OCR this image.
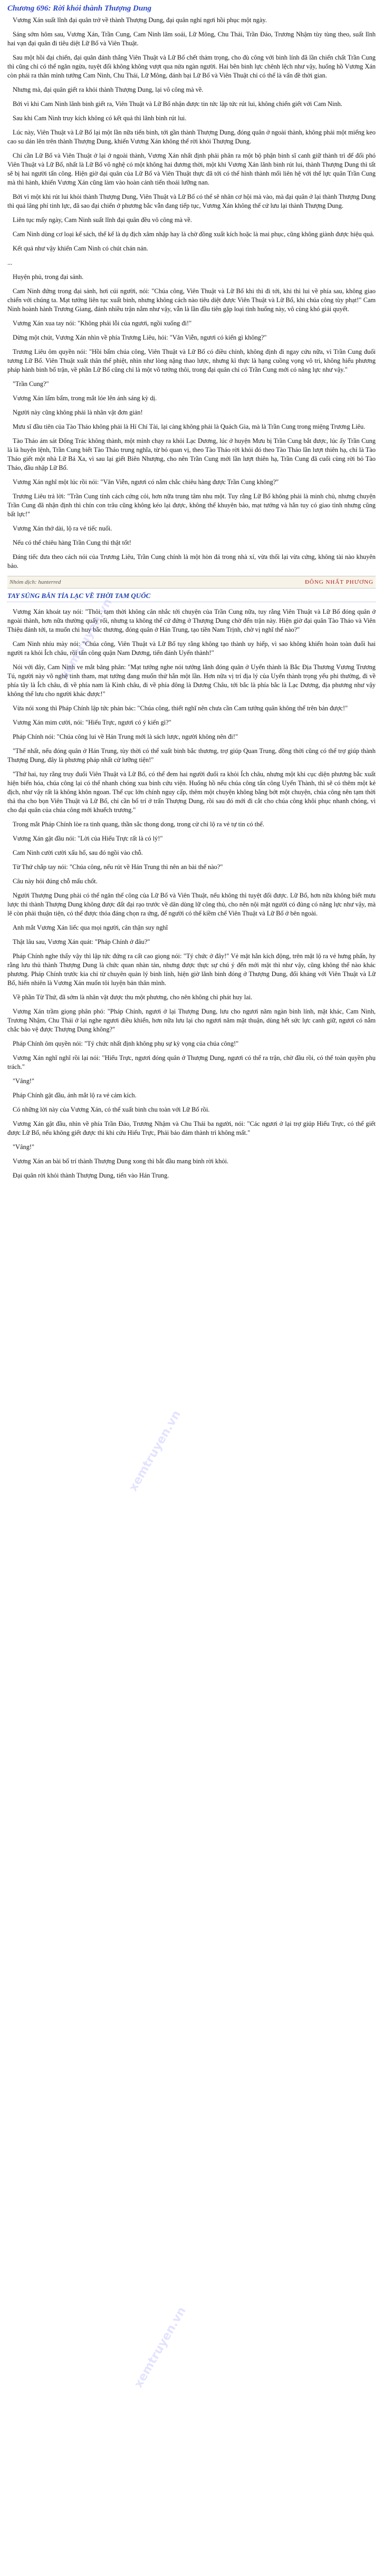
xemtruyen.vn
xemtruyen.vn
xemtruyen.vn
Chương 696: Rời khỏi thành Thượng Dung

Vương Xán suất lĩnh đại quân trở về thành Thượng Dung, đại quân nghỉ ngơi hồi phục một ngày.

Sáng sớm hôm sau, Vương Xán, Trần Cung, Cam Ninh lãm soái, Lữ Mông, Chu Thái, Trần Đáo, Trương Nhậm tùy tùng theo, suất lĩnh hai vạn đại quân đi tiêu diệt Lữ Bố và Viên Thuật.

Sau một hồi đại chiến, đại quân đánh thắng Viên Thuật và Lữ Bố chết thảm trọng, cho đù công với binh lính đã lần chiến chất Trần Cung thì cũng chỉ có thể ngăn ngừa, tuyệt đối không không vượt qua nửa ngàn người. Hai bên binh lực chênh lệch như vậy, huống hồ Vương Xán còn phái ra thân mình tướng Cam Ninh, Chu Thái, Lữ Mông, đánh bại Lữ Bố và Viên Thuật chỉ có thể là vấn đề thời gian.

Nhưng mà, đại quân giết ra khỏi thành Thượng Dung, lại vô công mà về.

Bởi vì khi Cam Ninh lãnh binh giết ra, Viên Thuật và Lữ Bố nhận được tin tức lập tức rút lui, không chiến giết với Cam Ninh.

Sau khi Cam Ninh truy kích không có kết quả thì lãnh binh rút lui.

Lúc này, Viên Thuật và Lữ Bố lại một lần nữa tiến binh, tới gần thành Thượng Dung, đóng quân ở ngoài thành, không phải một miếng keo cao su dán lên trên thành Thượng Dung, khiến Vương Xán không thể rời khỏi Thượng Dung.

Chỉ cần Lữ Bố và Viên Thuật ở lại ở ngoài thành, Vương Xán nhất định phải phân ra một bộ phận binh sĩ canh giữ thành trì để đối phó Viên Thuật và Lữ Bố, nhất là Lữ Bố võ nghệ có một không hai đương thời, một khi Vương Xán lãnh binh rút lui, thành Thượng Dung thì tất sẽ bị hai người tấn công. Hiện giờ đại quân của Lữ Bố và Viên Thuật thực đã tới có thể hình thành mối liên hệ với thế lực quân Trần Cung mà thì hành, khiến Vương Xán cũng làm vào hoàn cảnh tiến thoái lưỡng nan.

Bởi vì một khi rút lui khỏi thành Thượng Dung, Viên Thuật và Lữ Bố có thể sẽ nhân cơ hội mà vào, mà đại quân ở lại thành Thượng Dung thì quá lãng phí tinh lực, đã sao đại chiến ở phương bắc vẫn đang tiếp tục, Vương Xán không thể cứ lưu lại thành Thượng Dung.

Liên tục mấy ngày, Cam Ninh suất lĩnh đại quân đều vô công mà về.

Cam Ninh dùng cơ loại kế sách, thế kế là dụ địch xâm nhập hay là chờ đồng xuất kích hoặc là mai phục, cũng không giành được hiệu quả.

Kết quả như vậy khiến Cam Ninh có chút chán nản.

...

Huyện phủ, trong đại sảnh.

Cam Ninh đứng trong đại sảnh, hơi cúi người, nói: "Chúa công, Viên Thuật và Lữ Bố khi thì đi tới, khi thì lui về phía sau, không giao chiến với chúng ta. Mạt tướng liên tục xuất binh, nhưng không cách nào tiêu diệt được Viên Thuật và Lữ Bố, khi chúa công tùy phạt!" Cam Ninh hoành hành Trương Giang, đánh nhiều trận nắm như vậy, vẫn là lần đầu tiên gặp loại tình huống này, vô cùng khó giải quyết.

Vương Xán xua tay nói: "Không phải lỗi của ngươi, ngồi xuống đi!"

Dừng một chút, Vương Xán nhìn về phía Trương Liêu, hỏi: "Văn Viễn, ngươi có kiến gì không?"

Trương Liêu ôm quyền nói: "Hồi bẩm chúa công, Viên Thuật và Lữ Bố có điều chỉnh, không định đi ngay cứu nữa, vì Trần Cung đuổi tương Lữ Bố. Viên Thuật xuất thân thế phiệt, nhìn như lòng nặng thao lược, nhưng kì thực là hạng cuồng vọng vô tri, không hiểu phương pháp hành binh bố trận, về phần Lữ Bố cũng chỉ là một võ tướng thôi, trong đại quân chỉ có Trần Cung mới có năng lực như vậy."

"Trần Cung?"

Vương Xán lẩm bẩm, trong mắt lóe lên ánh sáng kỳ dị.

Người này cũng không phải là nhân vật đơn giản!

Mưu sĩ đầu tiên của Tào Tháo không phải là Hí Chí Tài, lại càng không phải là Quách Gia, mà là Trần Cung trong miệng Trương Liêu.

Tào Tháo ám sát Đổng Trác không thành, một mình chạy ra khỏi Lạc Dương, lúc ở huyện Mưu bị Trần Cung bắt được, lúc ấy Trần Cung là là huyện lệnh, Trần Cung biết Tào Tháo trung nghĩa, từ bỏ quan vị, theo Tào Tháo rời khỏi đó theo Tào Tháo lần lượt thiên hạ, chỉ là Tào Tháo giết một nhà Lữ Bá Xa, vì sau lại giết Biên Nhượng, cho nên Trần Cung mới lần lượt thiên hạ, Trần Cung đã cuối cùng rời bỏ Tào Tháo, đầu nhập Lữ Bố.

Vương Xán nghĩ một lúc rồi nói: "Văn Viễn, ngươi có nắm chắc chiêu hàng được Trần Cung không?"

Trương Liêu trả lời: "Trần Cung tính cách cứng cỏi, hơn nữa trung tâm nhu một. Tuy rằng Lữ Bố không phải là minh chủ, nhưng chuyện Trần Cung đã nhận định thì chín con trâu cũng không kéo lại được, không thể khuyên bảo, mạt tướng và hắn tuy có giao tình nhưng cũng bất lực!"

Vương Xán thở dài, lộ ra vẻ tiếc nuối.

Nếu có thể chiêu hàng Trần Cung thì thật tốt!

Đáng tiếc đưa theo cách nói của Trương Liêu, Trần Cung chính là một hòn đá trong nhà xí, vừa thối lại vừa cứng, không tài nào khuyên bảo.

Nhóm dịch: hunterred	ĐÔNG NHẤT PHƯƠNG
TAY SÚNG BẮN TỈA LẠC VỀ THỜI TAM QUỐC

Vương Xán khoát tay nói: "Thôi, tạm thời không cân nhắc tới chuyện của Trần Cung nữa, tuy rằng Viên Thuật và Lữ Bố đóng quân ở ngoài thành, hơn nữa thường quấy rối, nhưng ta không thể cứ đứng ở Thượng Dung chờ đến trận này. Hiện giờ đại quân Tào Tháo và Viên Thiệu đánh tới, ta muốn chi huy bắc thương, đóng quân ở Hán Trung, tạo tiền Nam Trịnh, chờ vị nghĩ thế nào?"

Cam Ninh nhíu mày nói: "Chúa công, Viên Thuật và Lữ Bố tụy rằng không tạo thành uy hiếp, vì sao không khiến hoàn toàn đuổi hai người ra khỏi Ích châu, rồi tấn công quận Nam Dương, tiến đánh Uyển thành!"

Nói với đây, Cam Ninh ve mắt băng phân: "Mạt tướng nghe nói tướng lãnh đóng quân ở Uyển thành là Bắc Địa Thương Vương Trương Tú, người này võ nghệ tinh tham, mạt tướng đang muốn thử hắn một lần. Hơn nữa vị trí địa lý của Uyển thành trọng yếu phi thường, đi về phía tây là Ích châu, đi về phía nam là Kinh châu, đi về phía đông là Dương Châu, tới bắc là phía bắc là Lạc Dương, địa phương như vậy không thể lưu cho người khác được!"

Vừa nói xong thì Pháp Chính lập tức phản bác: "Chúa công, thiết nghĩ nên chưa cần Cam tướng quân không thể trên bản được!"

Vương Xán mim cười, nói: "Hiếu Trực, ngươi có ý kiến gì?"

Pháp Chính nói: "Chúa công lui về Hán Trung mới là sách lược, người không nên đi!"

"Thế nhất, nếu đóng quân ở Hán Trung, tùy thời có thể xuất binh bắc thương, trợ giúp Quan Trung, đồng thời cũng có thể trợ giúp thành Thượng Dung, đây là phương pháp nhất cử lưỡng tiện!"

"Thứ hai, tuy rằng truy đuổi Viên Thuật và Lữ Bố, có thể đem hai người đuổi ra khỏi Ích châu, nhưng một khi cục diện phương bắc xuất hiện biến hóa, chúa công lại có thể nhanh chóng xua binh cứu viện. Huống hồ nếu chúa công tấn công Uyển Thành, thì sẽ có thêm một kẻ địch, như vậy rất là không khôn ngoan. Thế cục lớn chính nguy cấp, thêm một chuyện không bằng bớt một chuyện, chúa công nên tạm thời thả tha cho bọn Viên Thuật và Lữ Bố, chỉ cần bố trí ở trấn Thượng Dung, rồi sau đó mới đi cắt cho chúa công khôi phục nhanh chóng, vì cho đại quân của chúa công mới khuếch trương."

Trong mắt Pháp Chính lòe ra tinh quang, thần sắc thong dong, trong cử chỉ lộ ra vẻ tự tin có thể.

Vương Xán gật đầu nói: "Lời của Hiếu Trực rất là có lý!"

Cam Ninh cười cười xấu hổ, sau đó ngồi vào chỗ.

Từ Thứ chắp tay nói: "Chúa công, nếu rút về Hán Trung thì nên an bài thế nào?"

Câu này hỏi đúng chỗ mấu chốt.

Người Thượng Dung phải có thể ngăn thế công của Lữ Bố và Viên Thuật, nếu không thì tuyệt đối được. Lữ Bố, hơn nữa không biết mưu lược thì thành Thượng Dung không được đất đại rạo trước về dân dùng lữ công thủ, cho nên nội mặt người có đủng có năng lực như vậy, mà lẽ còn phải thuận tiện, có thể được thỏa đáng chọn ra ứng, để người có thể kiềm chế Viên Thuật và Lữ Bố ở bên ngoài.

Anh mắt Vương Xán liếc qua mọi người, cân thận suy nghĩ

Thật lâu sau, Vương Xán quát: "Pháp Chính ở đâu?"

Pháp Chính nghe thấy vậy thì lập tức đứng ra cất cao giọng nói: "Tý chức ở đây!" Vẻ mặt hắn kích động, trên mặt lộ ra vẻ hưng phấn, hy rằng lưu thủ thành Thượng Dung là chức quan nhàn tản, nhưng được thực sự chú ý đến mới mặt thì như vậy, cũng không thể nào khác phương. Pháp Chính trước kia chỉ từ chuyên quản lý binh lính, hiện giờ lãnh binh đóng ở Thượng Dung, đối kháng với Viên Thuật và Lữ Bố, hiển nhiên là Vương Xán muốn tôi luyện bản thân mình.

Về phần Từ Thứ, đã sớm là nhân vật được thu một phương, cho nên không chỉ phát huy lai.

Vương Xán trầm giọng phân phó: "Pháp Chính, ngươi ở lại Thượng Dung, lưu cho ngươi năm ngàn binh lính, mặt khác, Cam Ninh, Trương Nhậm, Chu Thái ở lại nghe ngươi điều khiển, hơn nữa lưu lại cho ngươi năm mặt thuận, dùng hết sức lực canh giữ, ngươi có nắm chắc bảo vệ được Thượng Dung không?"

Pháp Chính ôm quyền nói: "Tý chức nhất định không phụ sự kỳ vọng của chúa công!"

Vương Xán nghĩ nghĩ rồi lại nói: "Hiếu Trực, ngươi đóng quân ở Thượng Dung, ngươi có thể ra trận, chờ đầu rồi, có thể toàn quyền phụ trách."

"Vâng!"

Pháp Chính gật đầu, ánh mắt lộ ra vẻ cảm kích.

Có những lời này của Vương Xán, có thể xuất binh chu toàn với Lữ Bố rồi.

Vương Xán gật đầu, nhìn về phía Trần Đáo, Trương Nhậm và Chu Thái ba người, nói: "Các ngươi ở lại trợ giúp Hiếu Trực, có thể giết được Lữ Bố, nếu không giết được thì khi cứu Hiếu Trực, Phải bảo đảm thành trì không mất."

"Vâng!"

Vương Xán an bài bố trí thành Thượng Dung xong thì bắt đầu mang binh rời khỏi.

Đại quân rời khỏi thành Thượng Dung, tiến vào Hán Trung.
